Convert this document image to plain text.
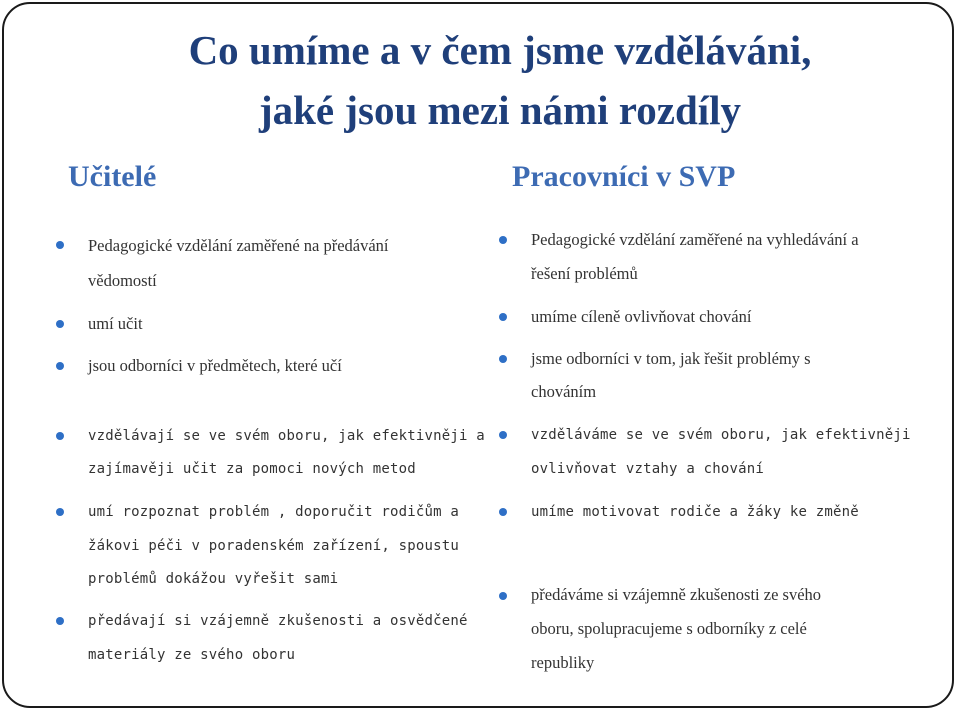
Co umíme a v čem jsme vzděláváni,
jaké jsou mezi námi rozdíly
Učitelé	Pracovníci v SVP
Pedagogické vzdělání zaměřené na předávání
vědomostí
umí učit
jsou odborníci v předmětech, které učí
vzdělávají se ve svém oboru, jak efektivněji a
zajímavěji učit za pomoci nových metod
umí rozpoznat problém , doporučit rodičům a
žákovi péči v poradenském zařízení, spoustu
problémů dokážou vyřešit sami
předávají si vzájemně zkušenosti a osvědčené
materiály ze svého oboru
Pedagogické vzdělání zaměřené na vyhledávání a
řešení problémů
umíme cíleně ovlivňovat chování
jsme odborníci v tom, jak řešit problémy s
chováním
vzděláváme se ve svém oboru, jak efektivněji
ovlivňovat vztahy a chování
umíme motivovat rodiče a žáky ke změně
předáváme si vzájemně zkušenosti ze svého
oboru, spolupracujeme s odborníky z celé
republiky
